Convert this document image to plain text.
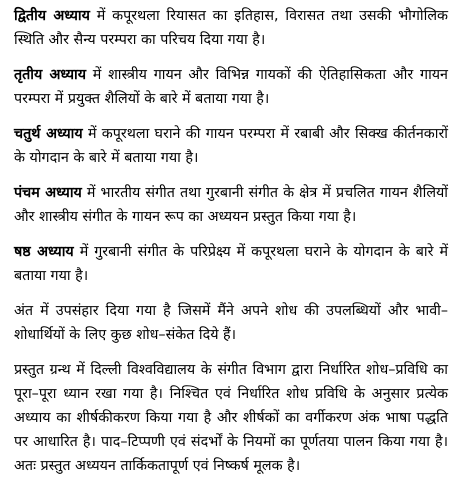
द्वितीय अध्याय में कपूरथला रियासत का इतिहास, विरासत तथा उसकी भौगोलिक स्थिति और सैन्य परम्परा का परिचय दिया गया है।

तृतीय अध्याय में शास्त्रीय गायन और विभिन्न गायकों की ऐतिहासिकता और गायन परम्परा में प्रयुक्त शैलियों के बारे में बताया गया है।

चतुर्थ अध्याय में कपूरथला घराने की गायन परम्परा में रबाबी और सिक्ख कीर्तनकारों के योगदान के बारे में बताया गया है।

पंचम अध्याय में भारतीय संगीत तथा गुरबानी संगीत के क्षेत्र में प्रचलित गायन शैलियों और शास्त्रीय संगीत के गायन रूप का अध्ययन प्रस्तुत किया गया है।

षष्ठ अध्याय में गुरबानी संगीत के परिप्रेक्ष्य में कपूरथला घराने के योगदान के बारे में बताया गया है।

अंत में उपसंहार दिया गया है जिसमें मैंने अपने शोध की उपलब्धियों और भावी–शोधार्थियों के लिए कुछ शोध–संकेत दिये हैं।

प्रस्तुत ग्रन्थ में दिल्ली विश्वविद्यालय के संगीत विभाग द्वारा निर्धारित शोध–प्रविधि का पूरा–पूरा ध्यान रखा गया है। निश्चित एवं निर्धारित शोध प्रविधि के अनुसार प्रत्येक अध्याय का शीर्षकीकरण किया गया है और शीर्षकों का वर्गीकरण अंक भाषा पद्धति पर आधारित है। पाद–टिप्पणी एवं संदर्भों के नियमों का पूर्णतया पालन किया गया है। अतः प्रस्तुत अध्ययन तार्किकतापूर्ण एवं निष्कर्ष मूलक है।
